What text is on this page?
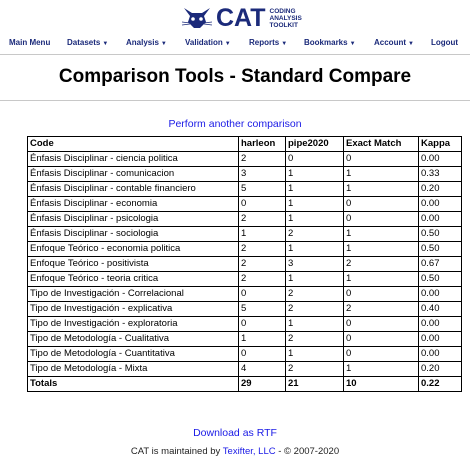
CAT CODING
ANALYSIS
TOOLKIT
Main Menu Datasets ▼ Analysis ▼ Validation ▼ Reports ▼ Bookmarks ▼ Account ▼ Logout
Comparison Tools - Standard Compare
Perform another comparison
Code	harleon	pipe2020	Exact Match	Kappa
Énfasis Disciplinar - ciencia politica	2	0	0	0.00
Énfasis Disciplinar - comunicacion	3	1	1	0.33
Énfasis Disciplinar - contable financiero	5	1	1	0.20
Énfasis Disciplinar - economia	0	1	0	0.00
Énfasis Disciplinar - psicologia	2	1	0	0.00
Énfasis Disciplinar - sociologia	1	2	1	0.50
Enfoque Teórico - economia politica	2	1	1	0.50
Enfoque Teórico - positivista	2	3	2	0.67
Enfoque Teórico - teoria critica	2	1	1	0.50
Tipo de Investigación - Correlacional	0	2	0	0.00
Tipo de Investigación - explicativa	5	2	2	0.40
Tipo de Investigación - exploratoria	0	1	0	0.00
Tipo de Metodología - Cualitativa	1	2	0	0.00
Tipo de Metodología - Cuantitativa	0	1	0	0.00
Tipo de Metodología - Mixta	4	2	1	0.20
Totals	29	21	10	0.22
Download as RTF
CAT is maintained by Texifter, LLC - © 2007-2020
